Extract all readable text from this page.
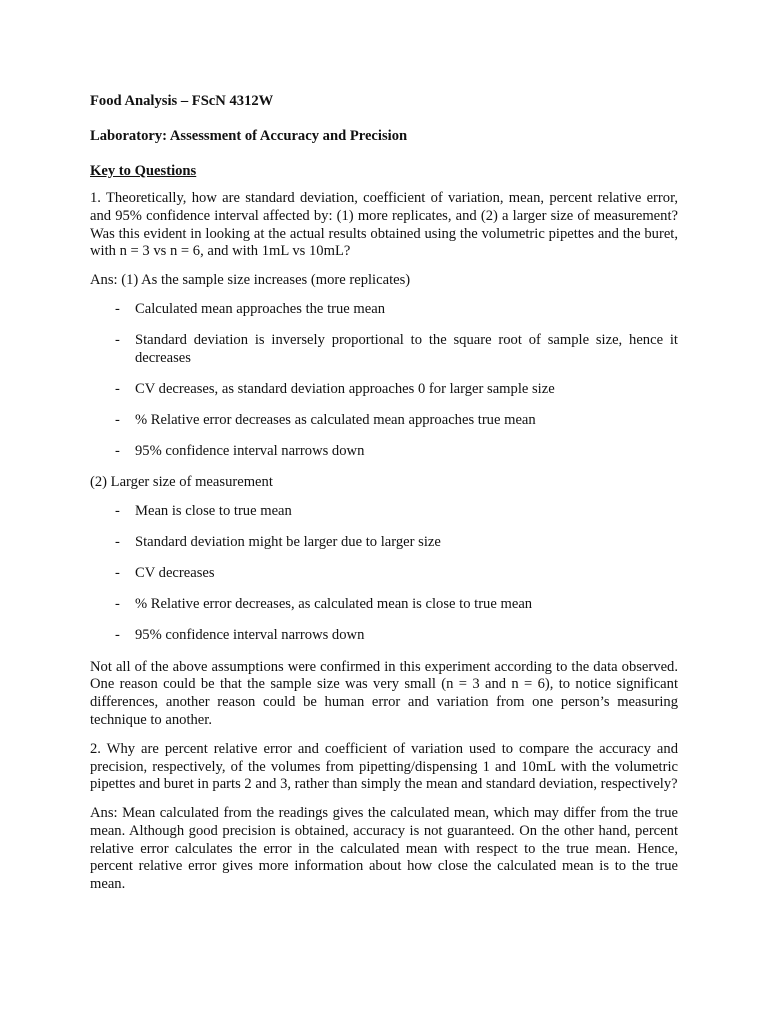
Food Analysis – FScN 4312W
Laboratory: Assessment of Accuracy and Precision
Key to Questions

1. Theoretically, how are standard deviation, coefficient of variation, mean, percent relative error, and 95% confidence interval affected by: (1) more replicates, and (2) a larger size of measurement? Was this evident in looking at the actual results obtained using the volumetric pipettes and the buret, with n = 3 vs n = 6, and with 1mL vs 10mL?

Ans: (1) As the sample size increases (more replicates)

- Calculated mean approaches the true mean
- Standard deviation is inversely proportional to the square root of sample size, hence it decreases
- CV decreases, as standard deviation approaches 0 for larger sample size
- % Relative error decreases as calculated mean approaches true mean
- 95% confidence interval narrows down

(2) Larger size of measurement

- Mean is close to true mean
- Standard deviation might be larger due to larger size
- CV decreases
- % Relative error decreases, as calculated mean is close to true mean
- 95% confidence interval narrows down

Not all of the above assumptions were confirmed in this experiment according to the data observed. One reason could be that the sample size was very small (n = 3 and n = 6), to notice significant differences, another reason could be human error and variation from one person’s measuring technique to another.

2. Why are percent relative error and coefficient of variation used to compare the accuracy and precision, respectively, of the volumes from pipetting/dispensing 1 and 10mL with the volumetric pipettes and buret in parts 2 and 3, rather than simply the mean and standard deviation, respectively?

Ans: Mean calculated from the readings gives the calculated mean, which may differ from the true mean. Although good precision is obtained, accuracy is not guaranteed. On the other hand, percent relative error calculates the error in the calculated mean with respect to the true mean. Hence, percent relative error gives more information about how close the calculated mean is to the true mean.
